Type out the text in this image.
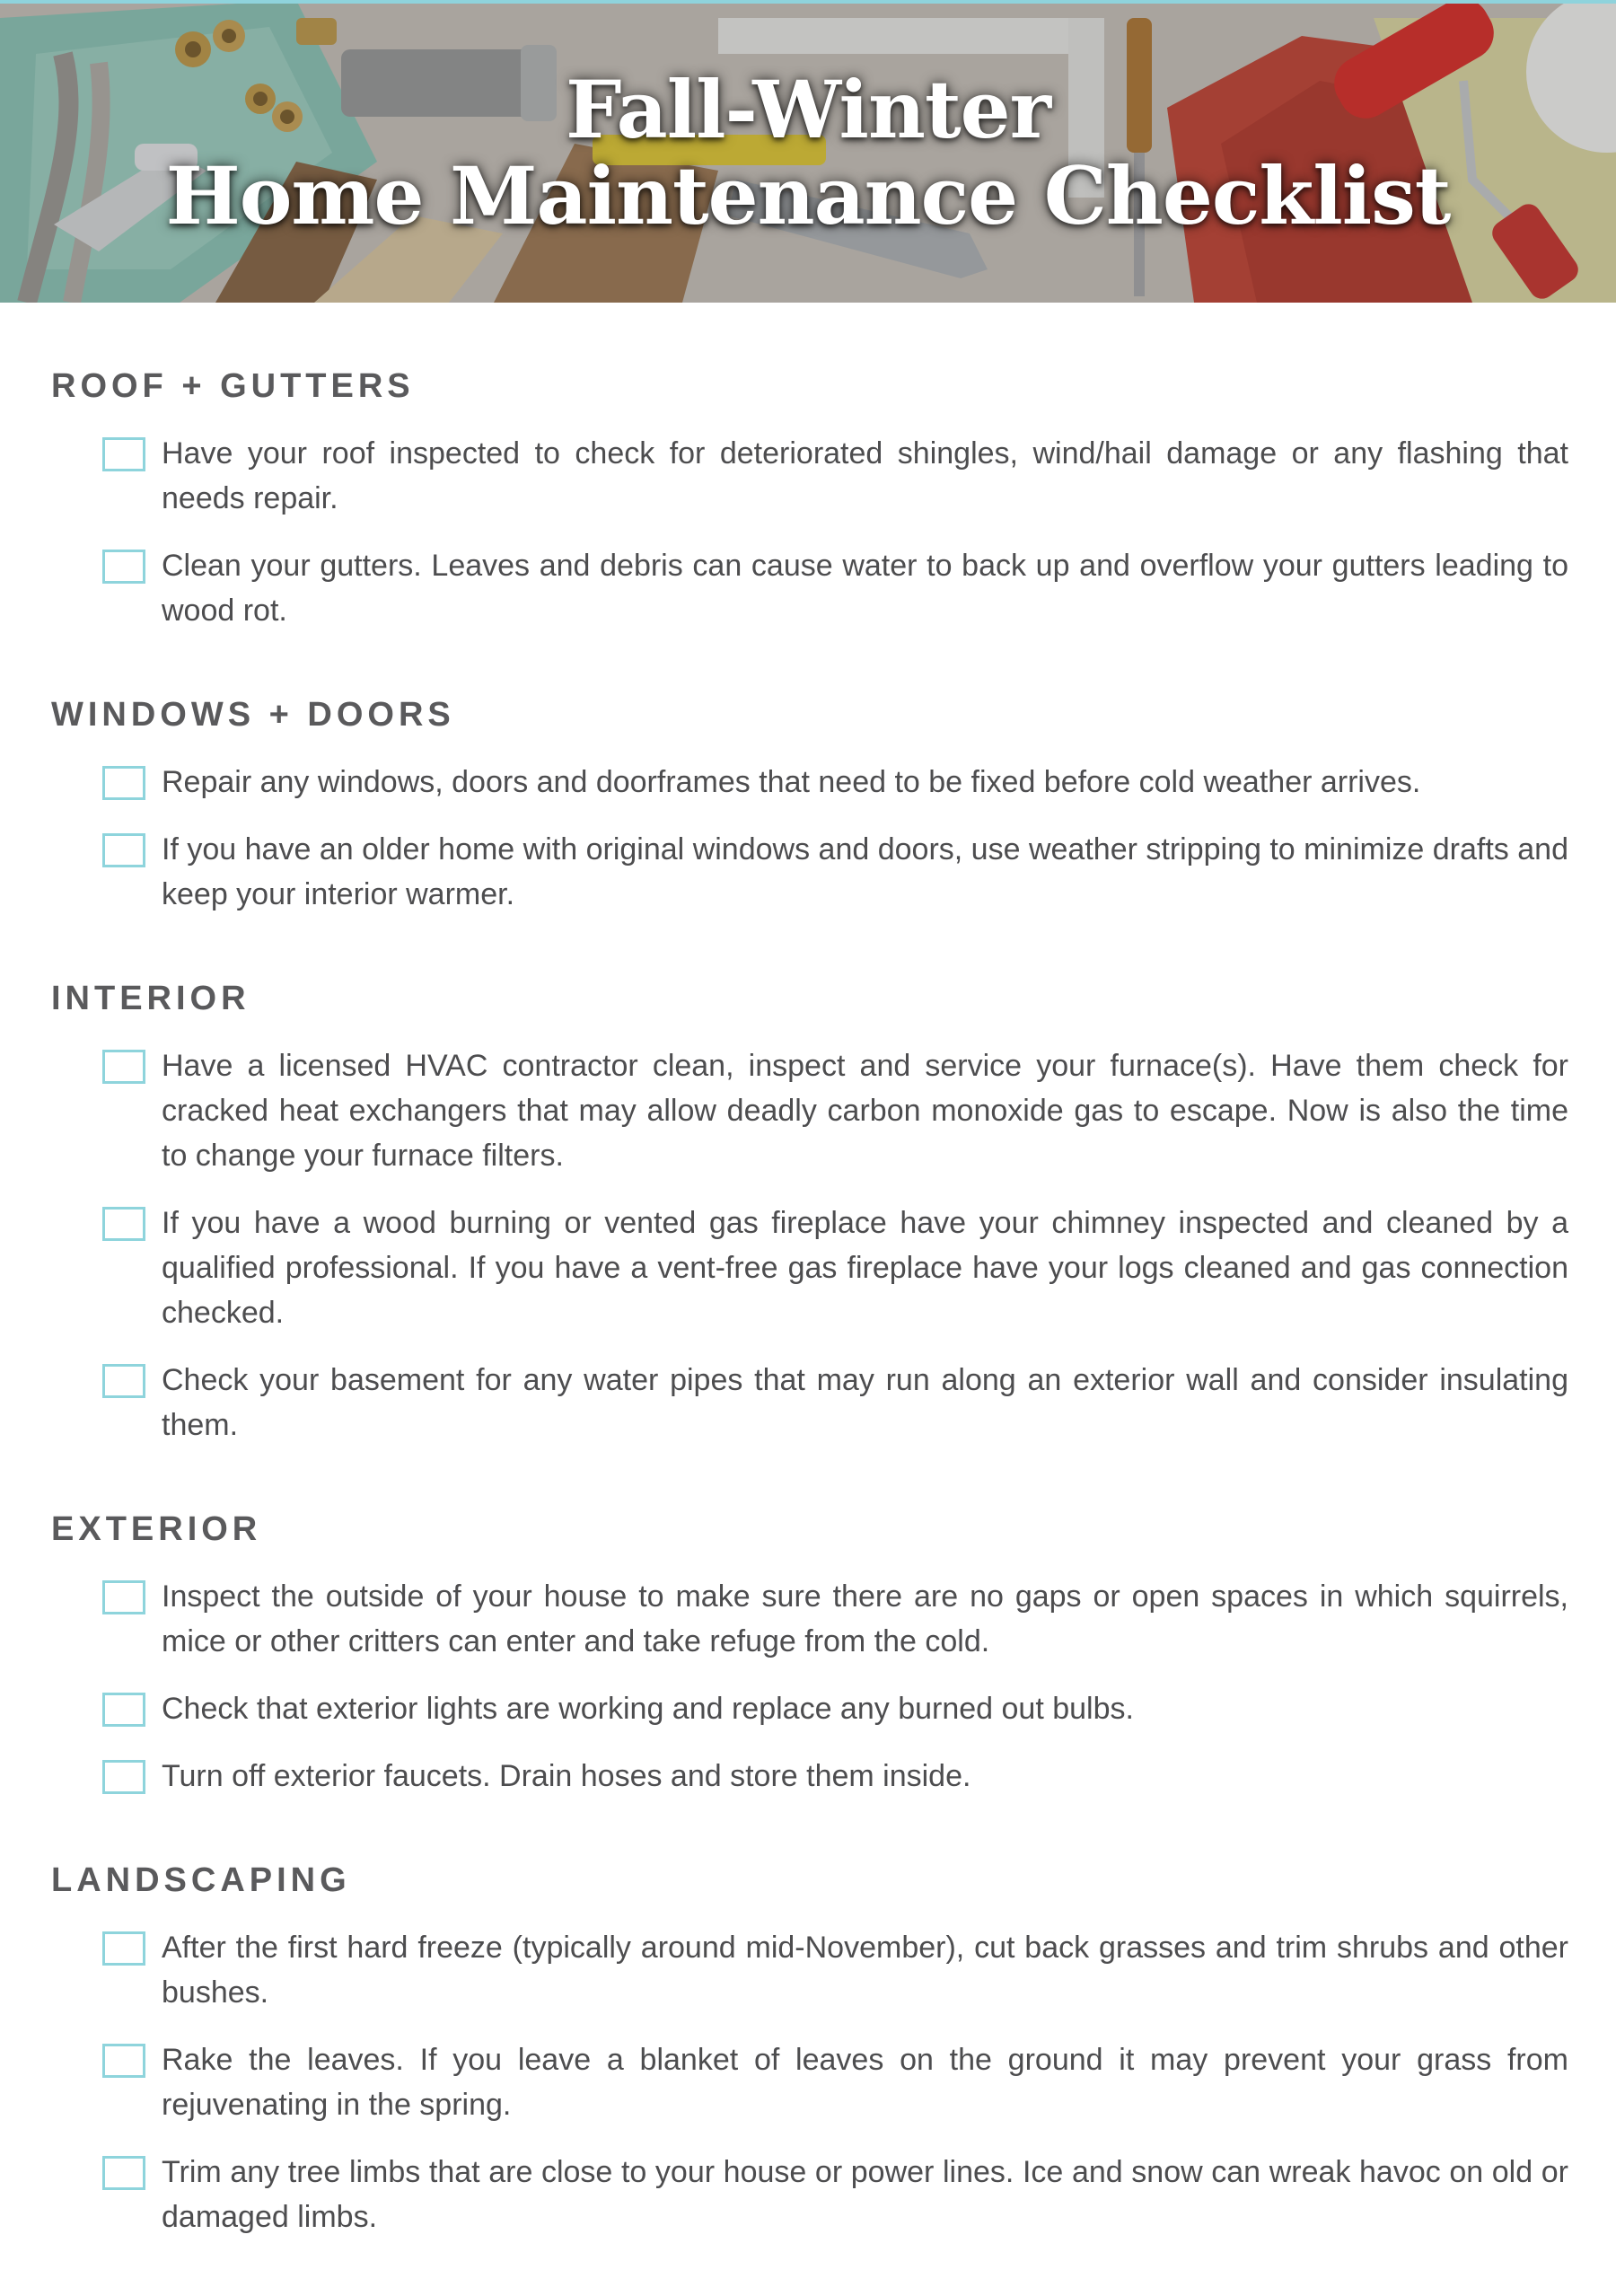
Fall-Winter
Home Maintenance Checklist
ROOF + GUTTERS

Have your roof inspected to check for deteriorated shingles, wind/hail damage or any flashing that needs repair.

Clean your gutters. Leaves and debris can cause water to back up and overflow your gutters leading to wood rot.

WINDOWS + DOORS

Repair any windows, doors and doorframes that need to be fixed before cold weather arrives.

If you have an older home with original windows and doors, use weather stripping to minimize drafts and keep your interior warmer.

INTERIOR

Have a licensed HVAC contractor clean, inspect and service your furnace(s). Have them check for cracked heat exchangers that may allow deadly carbon monoxide gas to escape. Now is also the time to change your furnace filters.

If you have a wood burning or vented gas fireplace have your chimney inspected and cleaned by a qualified professional. If you have a vent-free gas fireplace have your logs cleaned and gas connection checked.

Check your basement for any water pipes that may run along an exterior wall and consider insulating them.

EXTERIOR

Inspect the outside of your house to make sure there are no gaps or open spaces in which squirrels, mice or other critters can enter and take refuge from the cold.

Check that exterior lights are working and replace any burned out bulbs.

Turn off exterior faucets. Drain hoses and store them inside.

LANDSCAPING

After the first hard freeze (typically around mid-November), cut back grasses and trim shrubs and other bushes.

Rake the leaves. If you leave a blanket of leaves on the ground it may prevent your grass from rejuvenating in the spring.

Trim any tree limbs that are close to your house or power lines. Ice and snow can wreak havoc on old or damaged limbs.
